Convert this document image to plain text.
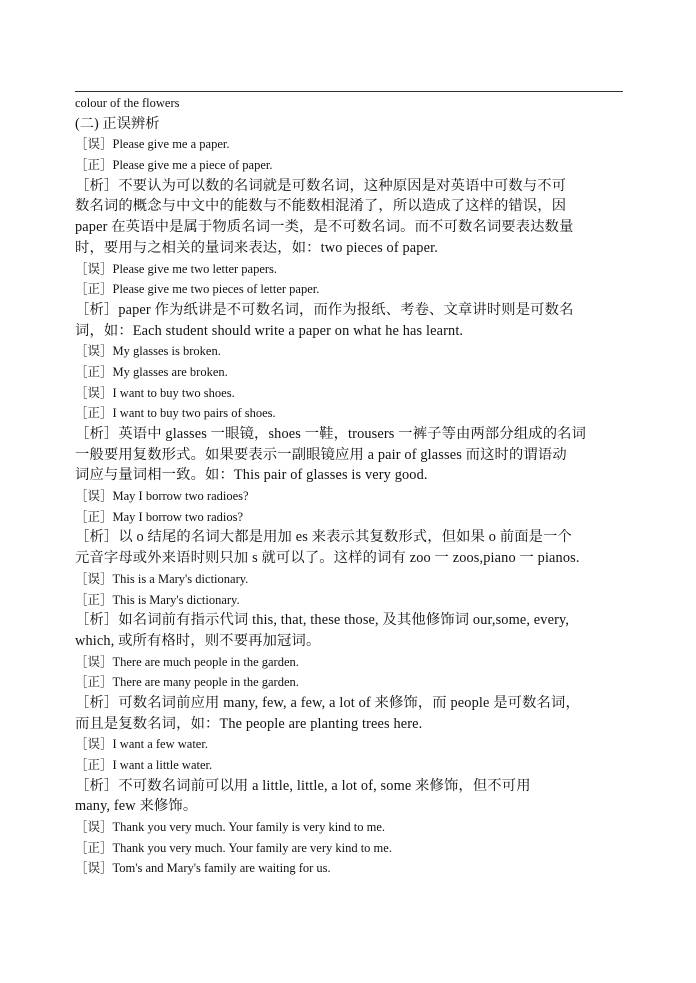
colour of the flowers

(二) 正误辨析

［误］Please give me a paper.

［正］Please give me a piece of paper.

［析］不要认为可以数的名词就是可数名词，这种原因是对英语中可数与不可

数名词的概念与中文中的能数与不能数相混淆了，所以造成了这样的错误，因

paper 在英语中是属于物质名词一类，是不可数名词。而不可数名词要表达数量

时，要用与之相关的量词来表达，如：two pieces of paper.

［误］Please give me two letter papers.

［正］Please give me two pieces of letter paper.

［析］paper 作为纸讲是不可数名词，而作为报纸、考卷、文章讲时则是可数名

词，如：Each student should write a paper on what he has learnt.

［误］My glasses is broken.

［正］My glasses are broken.

［误］I want to buy two shoes.

［正］I want to buy two pairs of shoes.

［析］英语中 glasses 一眼镜，shoes 一鞋，trousers 一裤子等由两部分组成的名词

一般要用复数形式。如果要表示一副眼镜应用 a pair of glasses 而这时的谓语动

词应与量词相一致。如：This pair of glasses is very good.

［误］May I borrow two radioes?

［正］May I borrow two radios?

［析］以 o 结尾的名词大都是用加 es 来表示其复数形式，但如果 o 前面是一个

元音字母或外来语时则只加 s 就可以了。这样的词有 zoo 一 zoos,piano 一 pianos.

［误］This is a Mary's dictionary.

［正］This is Mary's dictionary.

［析］如名词前有指示代词 this, that, these those, 及其他修饰词 our,some, every,

which, 或所有格时，则不要再加冠词。

［误］There are much people in the garden.

［正］There are many people in the garden.

［析］可数名词前应用 many, few, a few, a lot of 来修饰，而 people 是可数名词，

而且是复数名词，如：The people are planting trees here.

［误］I want a few water.

［正］I want a little water.

［析］不可数名词前可以用 a little, little, a lot of, some 来修饰，但不可用

many, few 来修饰。

［误］Thank you very much. Your family is very kind to me.

［正］Thank you very much. Your family are very kind to me.

［误］Tom's and Mary's family are waiting for us.
